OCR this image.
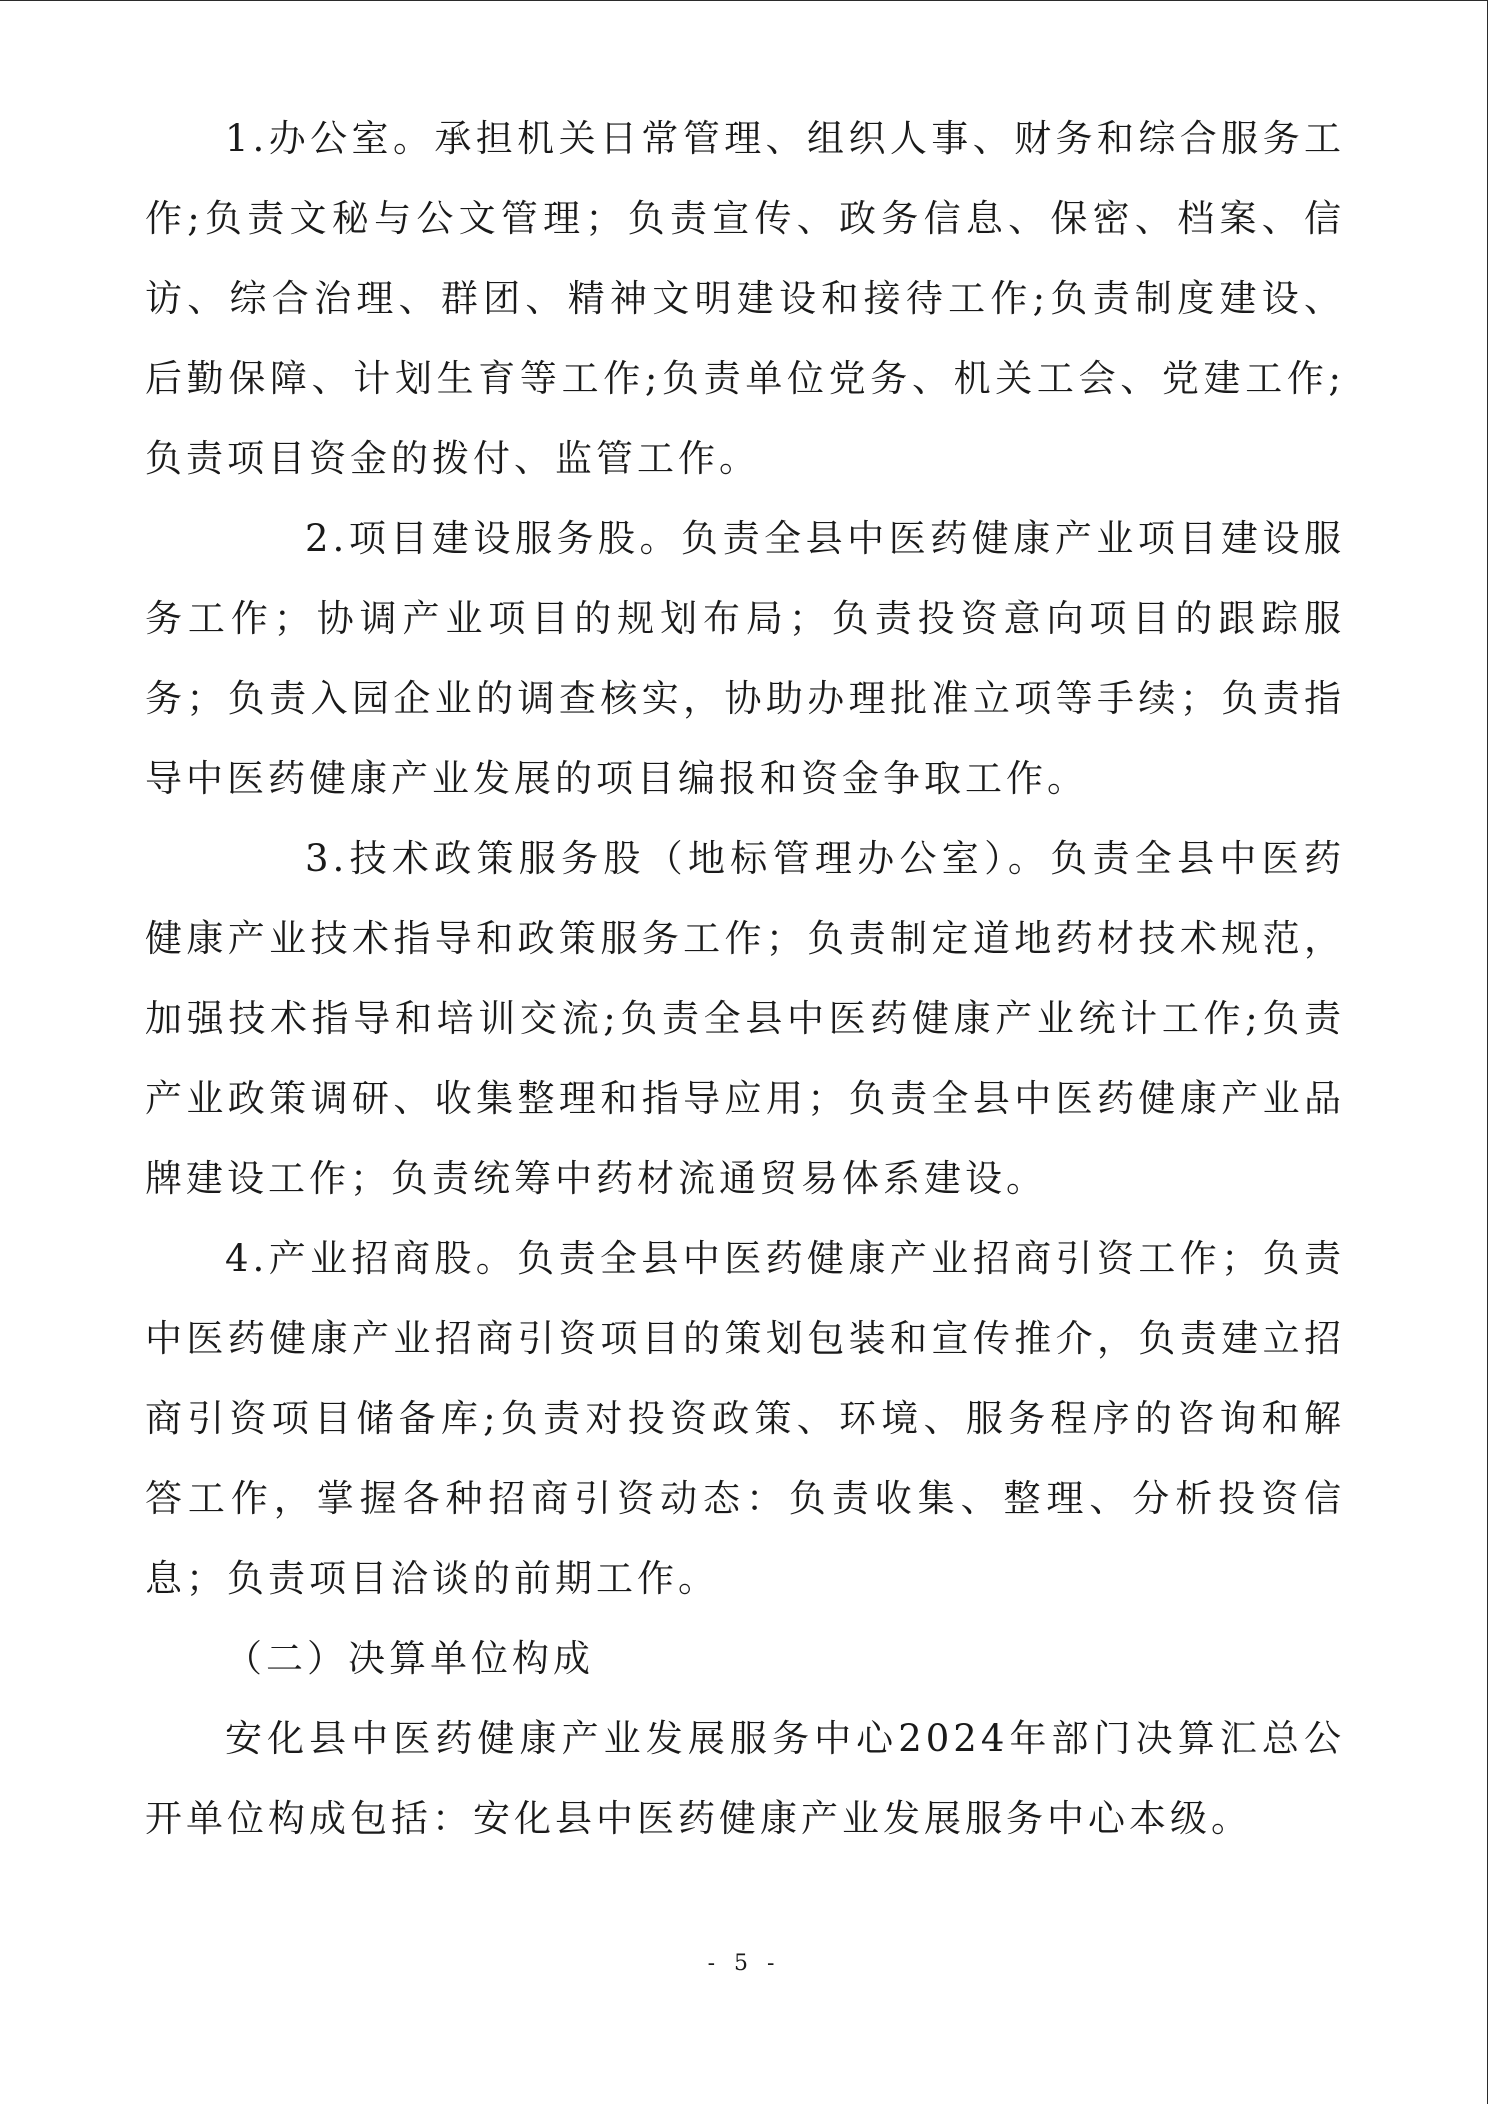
1.办公室。承担机关日常管理、组织人事、财务和综合服务工作;负责文秘与公文管理；负责宣传、政务信息、保密、档案、信访、综合治理、群团、精神文明建设和接待工作;负责制度建设、后勤保障、计划生育等工作;负责单位党务、机关工会、党建工作;负责项目资金的拨付、监管工作。

2.项目建设服务股。负责全县中医药健康产业项目建设服务工作；协调产业项目的规划布局；负责投资意向项目的跟踪服务；负责入园企业的调查核实，协助办理批准立项等手续；负责指导中医药健康产业发展的项目编报和资金争取工作。

3.技术政策服务股（地标管理办公室）。负责全县中医药健康产业技术指导和政策服务工作；负责制定道地药材技术规范，加强技术指导和培训交流;负责全县中医药健康产业统计工作;负责产业政策调研、收集整理和指导应用；负责全县中医药健康产业品牌建设工作；负责统筹中药材流通贸易体系建设。

4.产业招商股。负责全县中医药健康产业招商引资工作；负责中医药健康产业招商引资项目的策划包装和宣传推介，负责建立招商引资项目储备库;负责对投资政策、环境、服务程序的咨询和解答工作，掌握各种招商引资动态：负责收集、整理、分析投资信息；负责项目洽谈的前期工作。

（二）决算单位构成

安化县中医药健康产业发展服务中心2024年部门决算汇总公开单位构成包括：安化县中医药健康产业发展服务中心本级。

- 5 -
